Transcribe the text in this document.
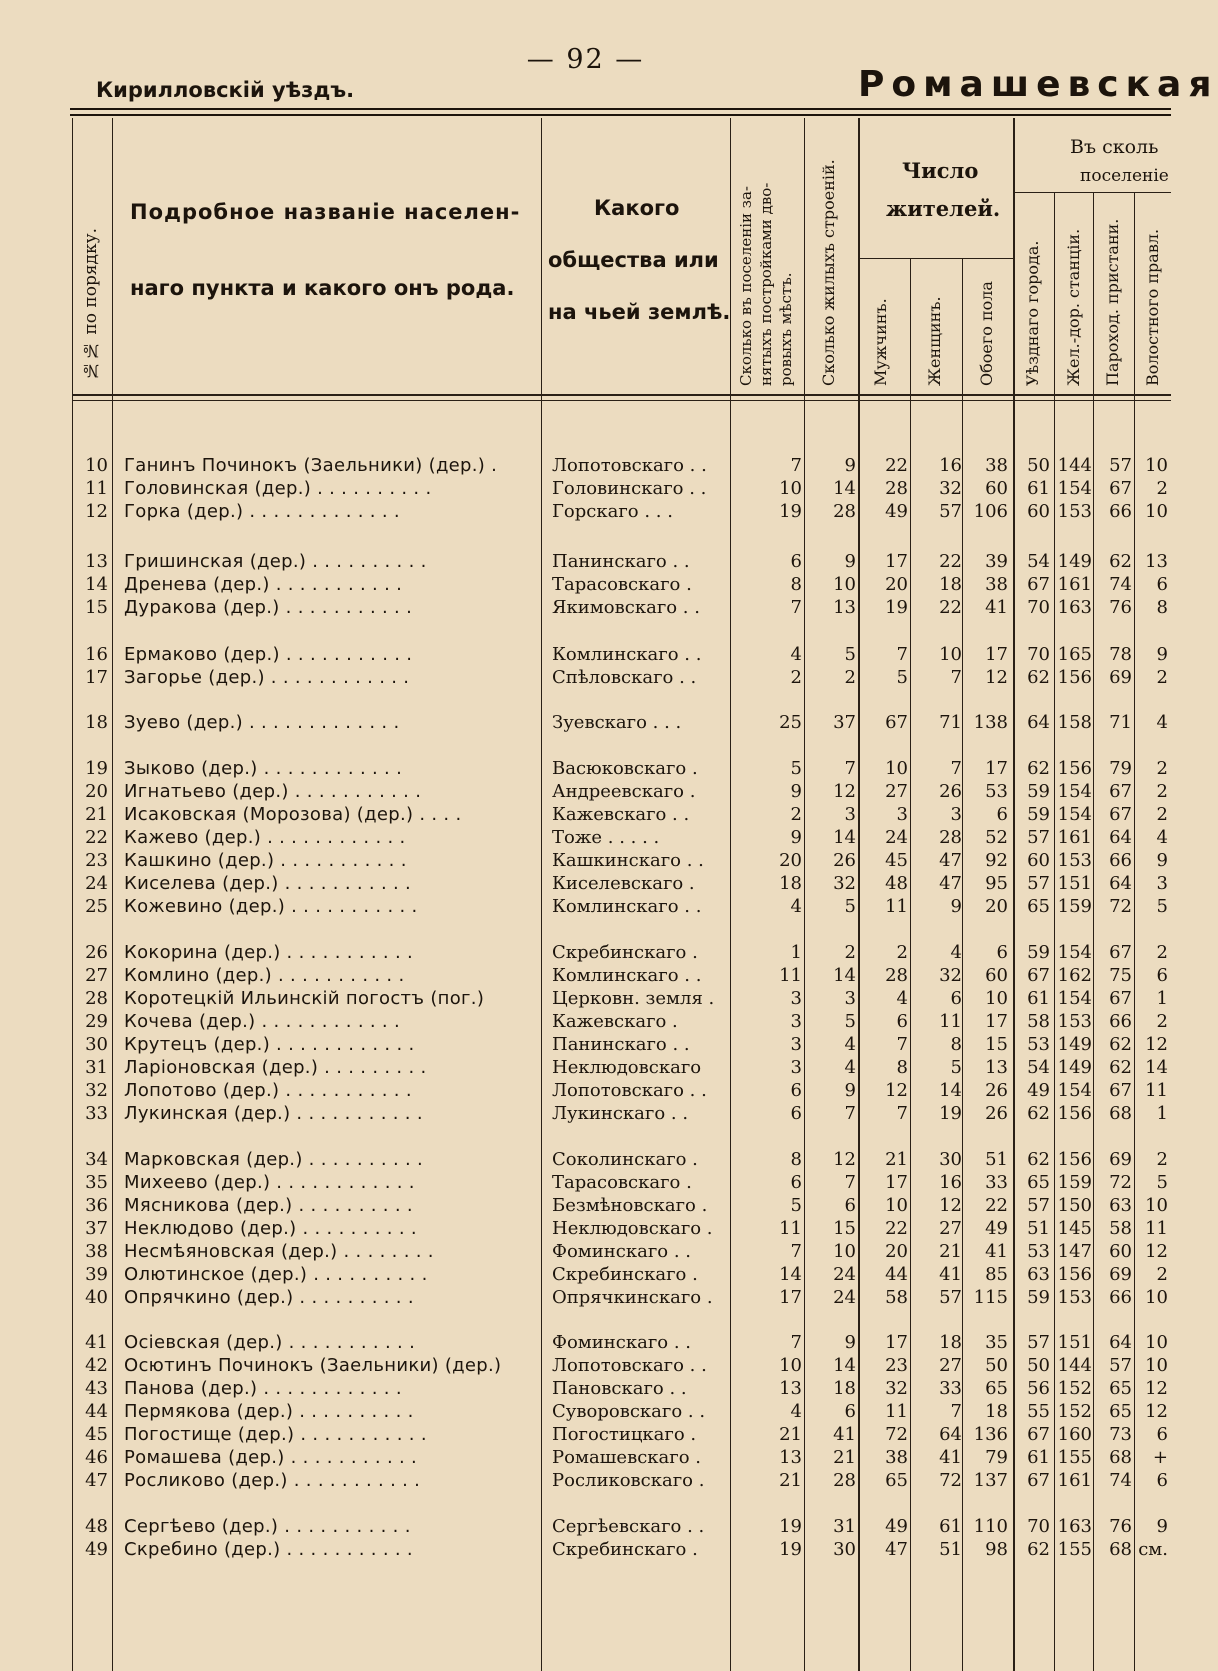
— 92 —
Кирилловскій уѣздъ.	Ромашевская
№№ по порядку.
Подробное названіе населен-
наго пункта и какого онъ рода.
Какого
общества или
на чьей землѣ.
Сколько въ поселеніи за-
нятыхъ постройками дво-
ровыхъ мѣстъ. Сколько жилыхъ строеній.	Число
жителей.
Мужчинъ. Женщинъ. Обоего пола
Въ сколь
поселеніе
Уѣзднаго города. Жел.-дор. станціи. Пароход. пристани. Волостного правл.
10 Ганинъ Починокъ (Заельники) (дер.) .	Лопотовскаго . .	7	9	22	16	38	50 144 57 10
11 Головинская (дер.) . . . . . . . . . .	Головинскаго . .	10	14	28	32	60	61 154 67	2
12 Горка (дер.) . . . . . . . . . . . . .	Горскаго . . .	19	28	49	57 106	60 153 66 10
13 Гришинская (дер.) . . . . . . . . . .	Панинскаго . .	6	9	17	22	39	54 149 62 13
14 Дренева (дер.) . . . . . . . . . . .	Тарасовскаго .	8	10	20	18	38	67 161 74	6
15 Дуракова (дер.) . . . . . . . . . . .	Якимовскаго . .	7	13	19	22	41	70 163 76	8
16 Ермаково (дер.) . . . . . . . . . . .	Комлинскаго . .	4	5	7	10	17	70 165 78	9
17 Загорье (дер.) . . . . . . . . . . . .	Спѣловскаго . .	2	2	5	7	12	62 156 69	2
18 Зуево (дер.) . . . . . . . . . . . . .	Зуевскаго . . .	25	37	67	71 138	64 158 71	4
19 Зыково (дер.) . . . . . . . . . . . .	Васюковскаго .	5	7	10	7	17	62 156 79	2
20 Игнатьево (дер.) . . . . . . . . . . .	Андреевскаго .	9	12	27	26	53	59 154 67	2
21 Исаковская (Морозова) (дер.) . . . .	Кажевскаго . .	2	3	3	3	6	59 154 67	2
22 Кажево (дер.) . . . . . . . . . . . .	Тоже . . . . .	9	14	24	28	52	57 161 64	4
23 Кашкино (дер.) . . . . . . . . . . .	Кашкинскаго . .	20	26	45	47	92	60 153 66	9
24 Киселева (дер.) . . . . . . . . . . .	Киселевскаго .	18	32	48	47	95	57 151 64	3
25 Кожевино (дер.) . . . . . . . . . . .	Комлинскаго . .	4	5	11	9	20	65 159 72	5
26 Кокорина (дер.) . . . . . . . . . . .	Скребинскаго .	1	2	2	4	6	59 154 67	2
27 Комлино (дер.) . . . . . . . . . . .	Комлинскаго . .	11	14	28	32	60	67 162 75	6
28 Коротецкій Ильинскій погостъ (пог.)	Церковн. земля .	3	3	4	6	10	61 154 67	1
29 Кочева (дер.) . . . . . . . . . . . .	Кажевскаго .	3	5	6	11	17	58 153 66	2
30 Крутецъ (дер.) . . . . . . . . . . . .	Панинскаго . .	3	4	7	8	15	53 149 62 12
31 Ларіоновская (дер.) . . . . . . . . .	Неклюдовскаго	3	4	8	5	13	54 149 62 14
32 Лопотово (дер.) . . . . . . . . . . .	Лопотовскаго . .	6	9	12	14	26	49 154 67 11
33 Лукинская (дер.) . . . . . . . . . . .	Лукинскаго . .	6	7	7	19	26	62 156 68	1
34 Марковская (дер.) . . . . . . . . . .	Соколинскаго .	8	12	21	30	51	62 156 69	2
35 Михеево (дер.) . . . . . . . . . . . .	Тарасовскаго .	6	7	17	16	33	65 159 72	5
36 Мясникова (дер.) . . . . . . . . . .	Безмѣновскаго .	5	6	10	12	22	57 150 63 10
37 Неклюдово (дер.) . . . . . . . . . .	Неклюдовскаго .	11	15	22	27	49	51 145 58 11
38 Несмѣяновская (дер.) . . . . . . . .	Фоминскаго . .	7	10	20	21	41	53 147 60 12
39 Олютинское (дер.) . . . . . . . . . .	Скребинскаго .	14	24	44	41	85	63 156 69	2
40 Опрячкино (дер.) . . . . . . . . . .	Опрячкинскаго .	17	24	58	57 115	59 153 66 10
41 Осіевская (дер.) . . . . . . . . . . .	Фоминскаго . .	7	9	17	18	35	57 151 64 10
42 Осютинъ Починокъ (Заельники) (дер.)	Лопотовскаго . .	10	14	23	27	50	50 144 57 10
43 Панова (дер.) . . . . . . . . . . . .	Пановскаго . .	13	18	32	33	65	56 152 65 12
44 Пермякова (дер.) . . . . . . . . . .	Суворовскаго . .	4	6	11	7	18	55 152 65 12
45 Погостище (дер.) . . . . . . . . . . .	Погостицкаго .	21	41	72	64 136	67 160 73	6
46 Ромашева (дер.) . . . . . . . . . . .	Ромашевскаго .	13	21	38	41	79	61 155 68	+
47 Росликово (дер.) . . . . . . . . . . .	Росликовскаго .	21	28	65	72 137	67 161 74	6
48 Сергѣево (дер.) . . . . . . . . . . .	Сергѣевскаго . .	19	31	49	61 110	70 163 76	9
49 Скребино (дер.) . . . . . . . . . . .	Скребинскаго .	19	30	47	51	98	62 155 68 см.
